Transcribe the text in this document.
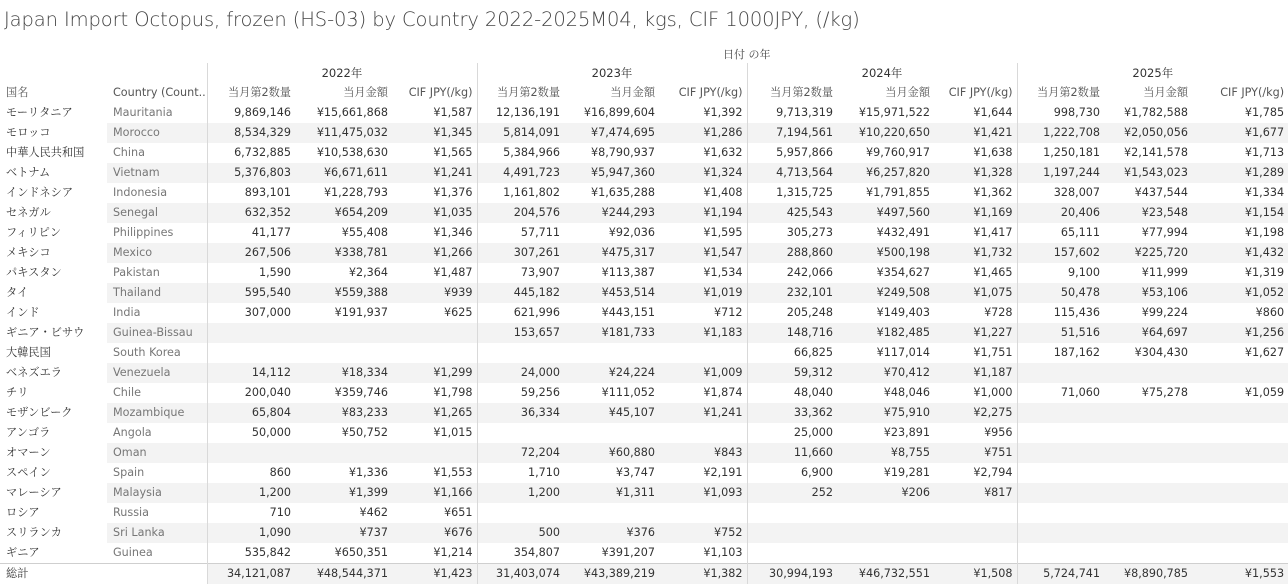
Japan Import Octopus, frozen (HS-03) by Country 2022-2025M04, kgs, CIF 1000JPY, (/kg)
日付 の年
		2022年			2023年			2024年			2025年		
国名	Country (Count..	当月第2数量	当月金額	CIF JPY(/kg)	当月第2数量	当月金額	CIF JPY(/kg)	当月第2数量	当月金額	CIF JPY(/kg)	当月第2数量	当月金額	CIF JPY(/kg)
モーリタニア	Mauritania	9,869,146	¥15,661,868	¥1,587	12,136,191	¥16,899,604	¥1,392	9,713,319	¥15,971,522	¥1,644	998,730	¥1,782,588	¥1,785
モロッコ	Morocco	8,534,329	¥11,475,032	¥1,345	5,814,091	¥7,474,695	¥1,286	7,194,561	¥10,220,650	¥1,421	1,222,708	¥2,050,056	¥1,677
中華人民共和国	China	6,732,885	¥10,538,630	¥1,565	5,384,966	¥8,790,937	¥1,632	5,957,866	¥9,760,917	¥1,638	1,250,181	¥2,141,578	¥1,713
ベトナム	Vietnam	5,376,803	¥6,671,611	¥1,241	4,491,723	¥5,947,360	¥1,324	4,713,564	¥6,257,820	¥1,328	1,197,244	¥1,543,023	¥1,289
インドネシア	Indonesia	893,101	¥1,228,793	¥1,376	1,161,802	¥1,635,288	¥1,408	1,315,725	¥1,791,855	¥1,362	328,007	¥437,544	¥1,334
セネガル	Senegal	632,352	¥654,209	¥1,035	204,576	¥244,293	¥1,194	425,543	¥497,560	¥1,169	20,406	¥23,548	¥1,154
フィリピン	Philippines	41,177	¥55,408	¥1,346	57,711	¥92,036	¥1,595	305,273	¥432,491	¥1,417	65,111	¥77,994	¥1,198
メキシコ	Mexico	267,506	¥338,781	¥1,266	307,261	¥475,317	¥1,547	288,860	¥500,198	¥1,732	157,602	¥225,720	¥1,432
パキスタン	Pakistan	1,590	¥2,364	¥1,487	73,907	¥113,387	¥1,534	242,066	¥354,627	¥1,465	9,100	¥11,999	¥1,319
タイ	Thailand	595,540	¥559,388	¥939	445,182	¥453,514	¥1,019	232,101	¥249,508	¥1,075	50,478	¥53,106	¥1,052
インド	India	307,000	¥191,937	¥625	621,996	¥443,151	¥712	205,248	¥149,403	¥728	115,436	¥99,224	¥860
ギニア・ビサウ	Guinea-Bissau				153,657	¥181,733	¥1,183	148,716	¥182,485	¥1,227	51,516	¥64,697	¥1,256
大韓民国	South Korea							66,825	¥117,014	¥1,751	187,162	¥304,430	¥1,627
ベネズエラ	Venezuela	14,112	¥18,334	¥1,299	24,000	¥24,224	¥1,009	59,312	¥70,412	¥1,187			
チリ	Chile	200,040	¥359,746	¥1,798	59,256	¥111,052	¥1,874	48,040	¥48,046	¥1,000	71,060	¥75,278	¥1,059
モザンビーク	Mozambique	65,804	¥83,233	¥1,265	36,334	¥45,107	¥1,241	33,362	¥75,910	¥2,275			
アンゴラ	Angola	50,000	¥50,752	¥1,015				25,000	¥23,891	¥956			
オマーン	Oman				72,204	¥60,880	¥843	11,660	¥8,755	¥751			
スペイン	Spain	860	¥1,336	¥1,553	1,710	¥3,747	¥2,191	6,900	¥19,281	¥2,794			
マレーシア	Malaysia	1,200	¥1,399	¥1,166	1,200	¥1,311	¥1,093	252	¥206	¥817			
ロシア	Russia	710	¥462	¥651									
スリランカ	Sri Lanka	1,090	¥737	¥676	500	¥376	¥752						
ギニア	Guinea	535,842	¥650,351	¥1,214	354,807	¥391,207	¥1,103						
総計		34,121,087	¥48,544,371	¥1,423	31,403,074	¥43,389,219	¥1,382	30,994,193	¥46,732,551	¥1,508	5,724,741	¥8,890,785	¥1,553
